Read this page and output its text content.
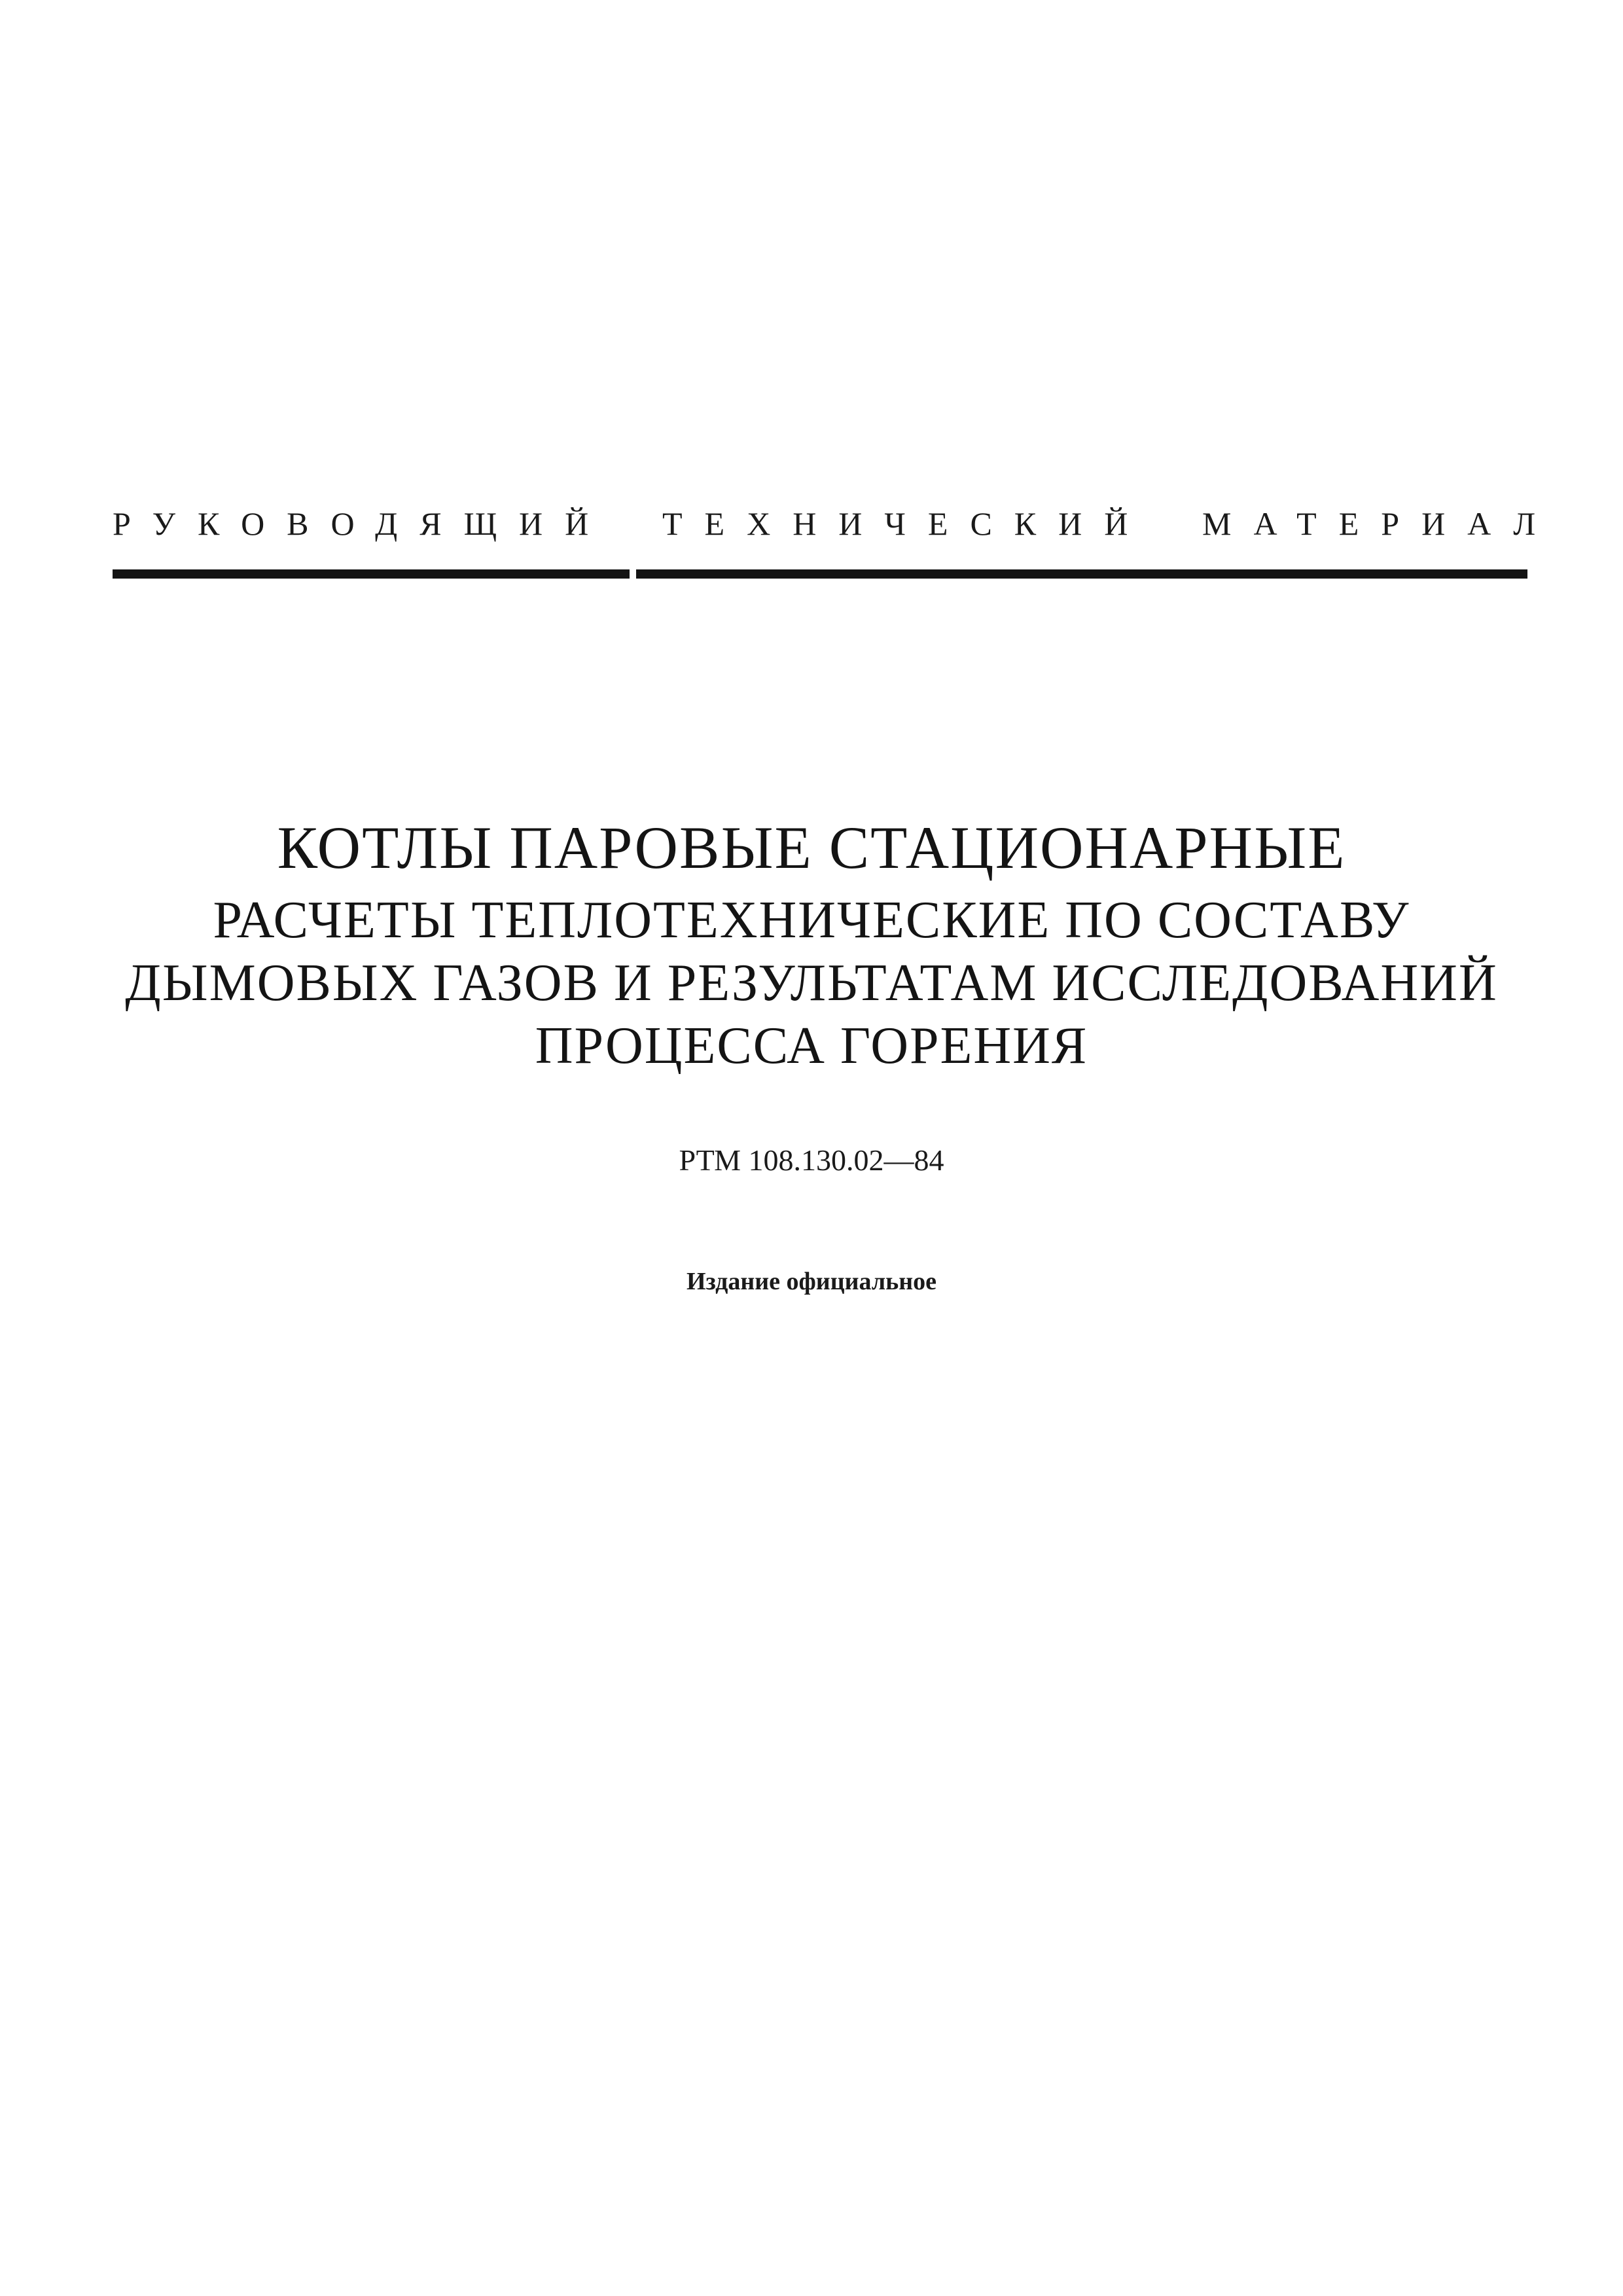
РУКОВОДЯЩИЙ	ТЕХНИЧЕСКИЙ	МАТЕРИАЛ
КОТЛЫ ПАРОВЫЕ СТАЦИОНАРНЫЕ

РАСЧЕТЫ ТЕПЛОТЕХНИЧЕСКИЕ ПО СОСТАВУ

ДЫМОВЫХ ГАЗОВ И РЕЗУЛЬТАТАМ ИССЛЕДОВАНИЙ

ПРОЦЕССА ГОРЕНИЯ

РТМ 108.130.02—84
Издание официальное
